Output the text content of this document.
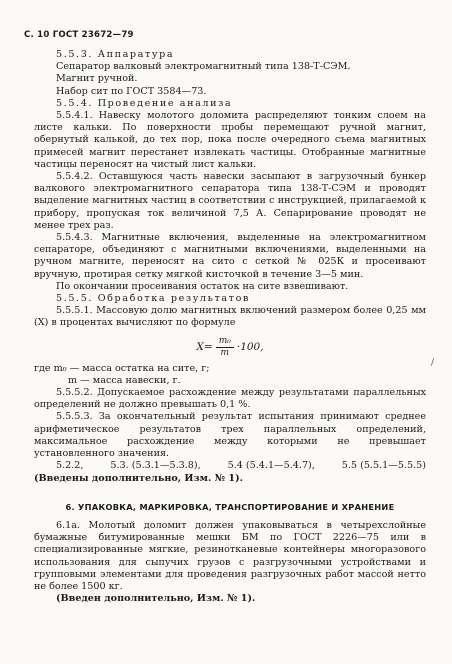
С. 10 ГОСТ 23672—79

5.5.3. Аппаратура

Сепаратор валковый электромагнитный типа 138-Т-СЭМ.

Магнит ручной.

Набор сит по ГОСТ 3584—73.

5.5.4. Проведение анализа

5.5.4.1. Навеску молотого доломита распределяют тонким слоем на листе кальки. По поверхности пробы перемещают ручной магнит, обернутый калькой, до тех пор, пока после очередного съема магнитных примесей магнит перестанет извлекать частицы. Отобранные магнитные частицы переносят на чистый лист кальки.

5.5.4.2. Оставшуюся часть навески засыпают в загрузочный бункер валкового электромагнитного сепаратора типа 138-Т-СЭМ и проводят выделение магнитных частиц в соответствии с инструкцией, прилагаемой к прибору, пропуская ток величиной 7,5 А. Сепарирование проводят не менее трех раз.

5.5.4.3. Магнитные включения, выделенные на электромагнитном сепараторе, объединяют с магнитными включениями, выделенными на ручном магните, переносят на сито с сеткой № 025К и просеивают вручную, протирая сетку мягкой кисточкой в течение 3—5 мин.

По окончании просеивания остаток на сите взвешивают.

5.5.5. Обработка результатов

5.5.5.1. Массовую долю магнитных включений размером более 0,25 мм (X) в процентах вычисляют по формуле

$X= \frac{\text{m₀}}{m} \cdot 100$,
где m₀ — масса остатка на сите, г;
m — масса навески, г.

5.5.5.2. Допускаемое расхождение между результатами параллельных определений не должно превышать 0,1 %.

5.5.5.3. За окончательный результат испытания принимают среднее арифметическое результатов трех параллельных определений, максимальное расхождение между которыми не превышает установленного значения.

5.2.2,	5.3. (5.3.1—5.3.8),	5.4 (5.4.1—5.4.7),	5.5 (5.5.1—5.5.5)

(Введены дополнительно, Изм. № 1).

6. УПАКОВКА, МАРКИРОВКА, ТРАНСПОРТИРОВАНИЕ И ХРАНЕНИЕ

6.1а. Молотый доломит должен упаковываться в четырехслойные бумажные битумированные мешки БМ по ГОСТ 2226—75 или в специализированные мягкие, резинотканевые контейнеры многоразового использования для сыпучих грузов с разгрузочными устройствами и групповыми элементами для проведения разгрузочных работ массой нетто не более 1500 кг.

(Введен дополнительно, Изм. № 1).

/
